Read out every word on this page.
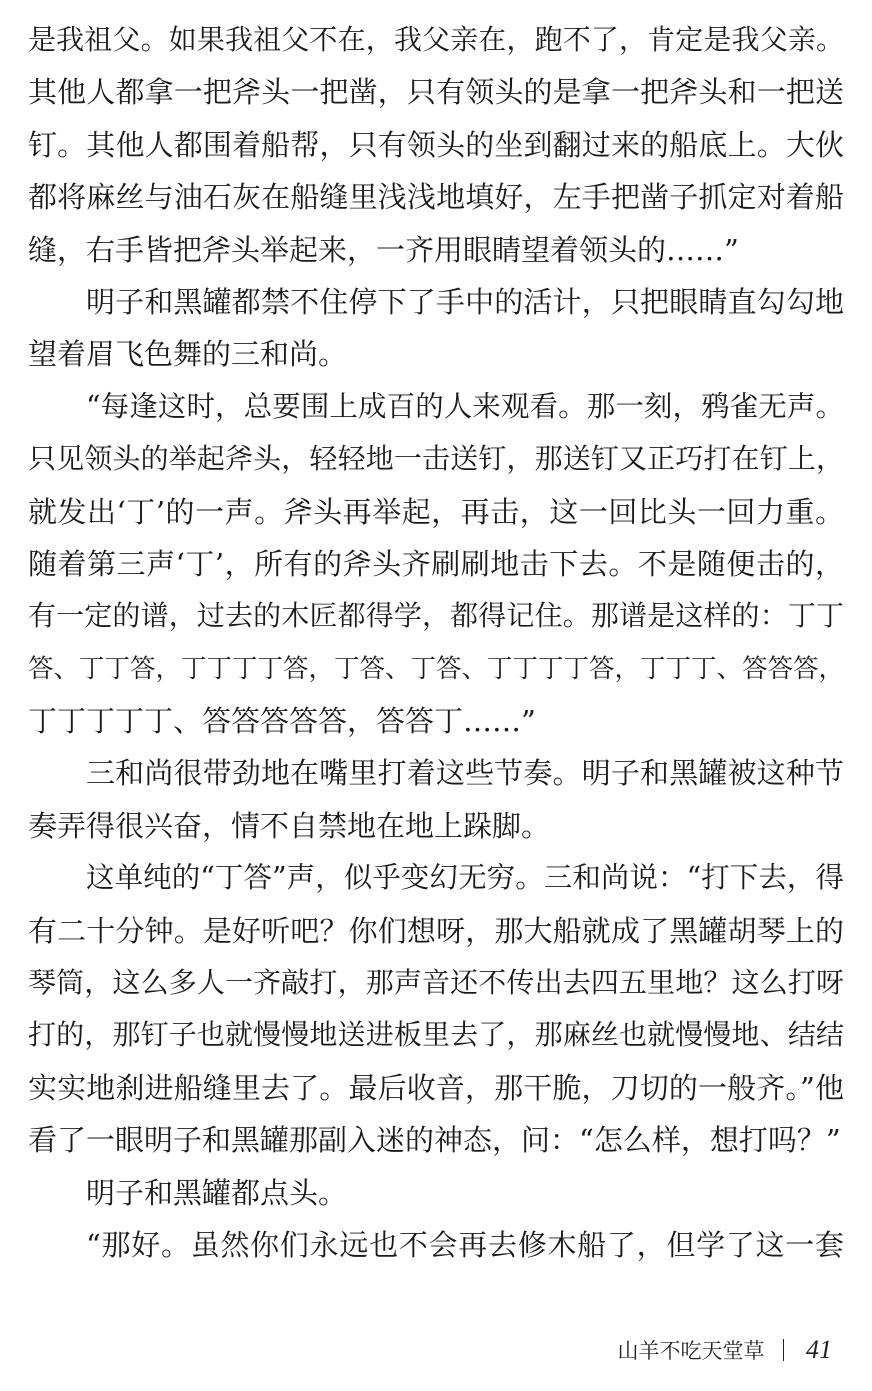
是我祖父。如果我祖父不在，我父亲在，跑不了，肯定是我父亲。
其他人都拿一把斧头一把凿，只有领头的是拿一把斧头和一把送
钉。其他人都围着船帮，只有领头的坐到翻过来的船底上。大伙
都将麻丝与油石灰在船缝里浅浅地填好，左手把凿子抓定对着船
缝，右手皆把斧头举起来，一齐用眼睛望着领头的……”
明子和黑罐都禁不住停下了手中的活计，只把眼睛直勾勾地
望着眉飞色舞的三和尚。
“每逢这时，总要围上成百的人来观看。那一刻，鸦雀无声。
只见领头的举起斧头，轻轻地一击送钉，那送钉又正巧打在钉上，
就发出‘丁’的一声。斧头再举起，再击，这一回比头一回力重。
随着第三声‘丁’，所有的斧头齐刷刷地击下去。不是随便击的，
有一定的谱，过去的木匠都得学，都得记住。那谱是这样的：丁丁
答、丁丁答，丁丁丁丁答，丁答、丁答、丁丁丁丁答，丁丁丁、答答答，
丁丁丁丁丁、答答答答答，答答丁……”
三和尚很带劲地在嘴里打着这些节奏。明子和黑罐被这种节
奏弄得很兴奋，情不自禁地在地上跺脚。
这单纯的“丁答”声，似乎变幻无穷。三和尚说：“打下去，得
有二十分钟。是好听吧？你们想呀，那大船就成了黑罐胡琴上的
琴筒，这么多人一齐敲打，那声音还不传出去四五里地？这么打呀
打的，那钉子也就慢慢地送进板里去了，那麻丝也就慢慢地、结结
实实地刹进船缝里去了。最后收音，那干脆，刀切的一般齐。”他
看了一眼明子和黑罐那副入迷的神态，问：“怎么样，想打吗？”
明子和黑罐都点头。
“那好。虽然你们永远也不会再去修木船了，但学了这一套
山羊不吃天堂草 41
